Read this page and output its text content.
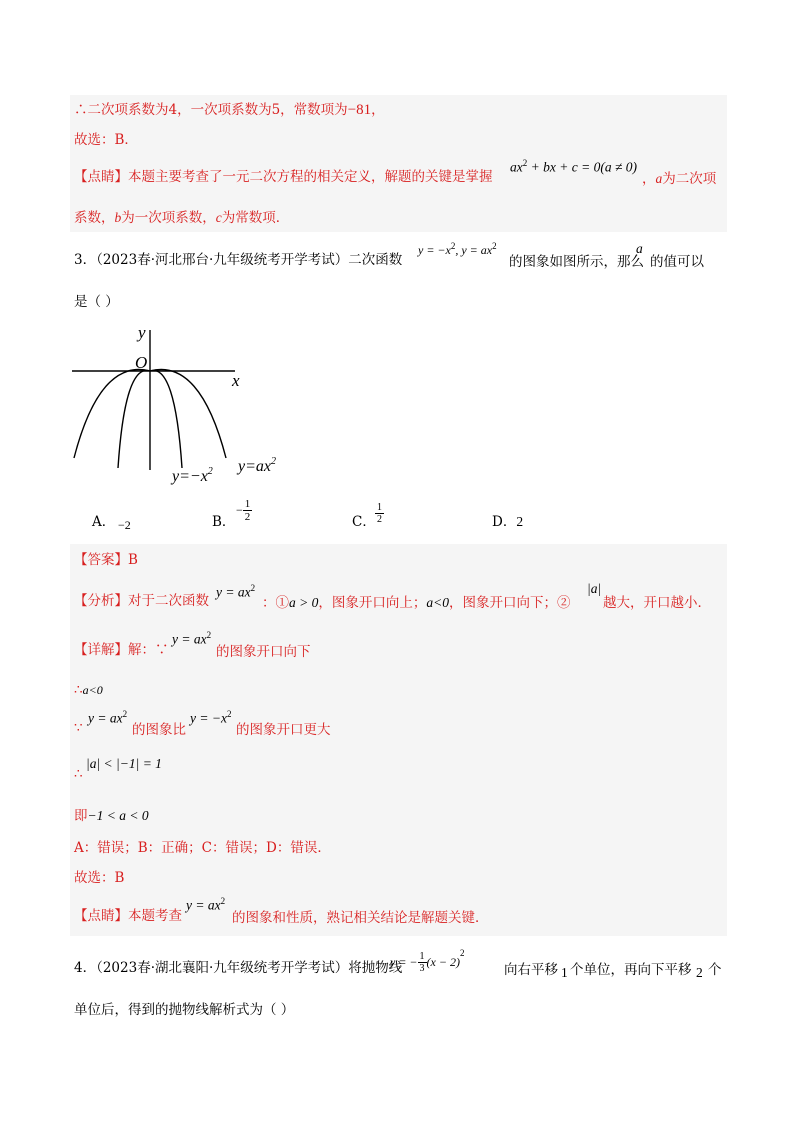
∴二次项系数为4，一次项系数为5，常数项为−81，
故选：B．
【点睛】本题主要考查了一元二次方程的相关定义，解题的关键是掌握
$ax^2$ + bx + c = 0(a ≠ 0)
，a为二次项
系数，b为一次项系数，c为常数项．
3．（2023春·河北邢台·九年级统考开学考试）二次函数
$y = -x^2$, $y = ax^2$
的图象如图所示，那么
a
的值可以
是（ ）
y
x
O
$y=-x^2$ $y=ax^2$
A． −2	B．
− $\frac{1}{2}$	C． $\frac{1}{2}$	D．2
【答案】B
【分析】对于二次函数
$y = ax^2$
：①a > 0，图象开口向上；a<0，图象开口向下；②
|a|
越大，开口越小．
【详解】解：∵
$y = ax^2$
的图象开口向下
∴a<0
∵
$y = ax^2$
的图象比
$y = -x^2$
的图象开口更大
∴
|a| < |−1| = 1
即−1 < a < 0
A：错误；B：正确；C：错误；D：错误．
故选：B
【点睛】本题考查
$y = ax^2$
的图象和性质，熟记相关结论是解题关键．
4．（2023春·湖北襄阳·九年级统考开学考试）将抛物线
y = − $\frac{1}{3} (x - 2)^2$
向右平移 1 个单位，再向下平移 2 个
单位后，得到的抛物线解析式为（ ）
